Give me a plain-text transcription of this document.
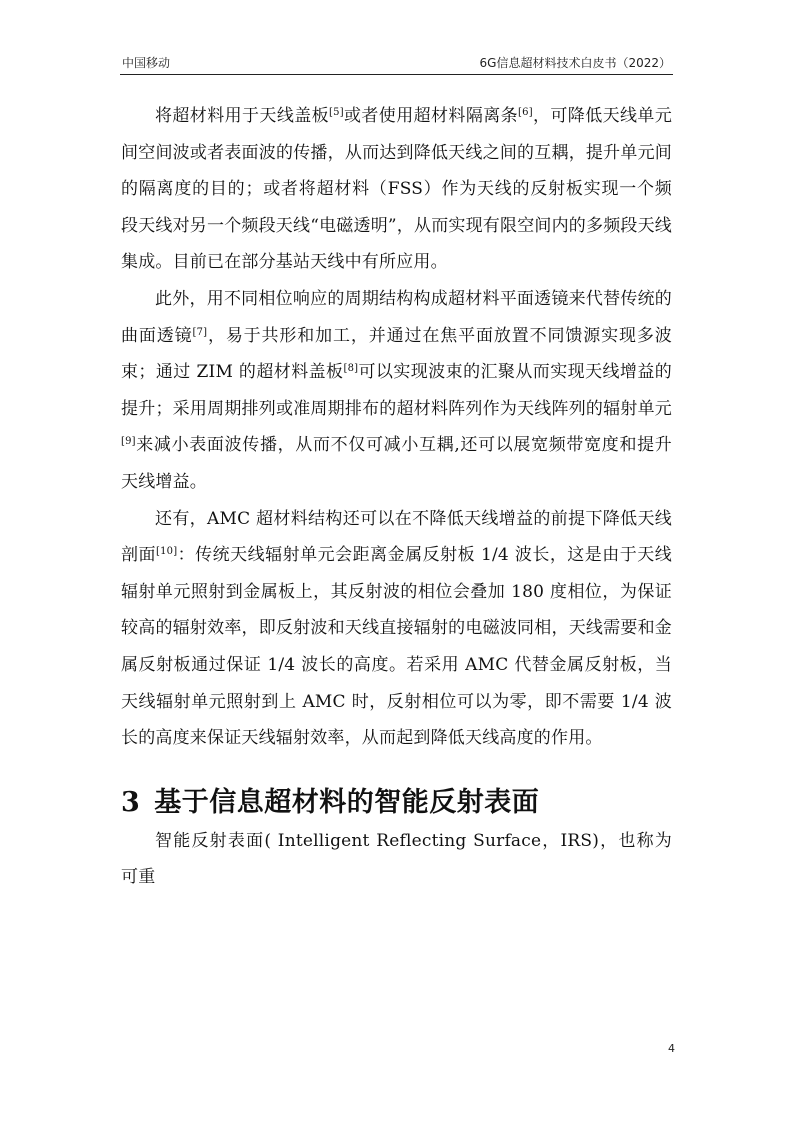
中国移动	6G信息超材料技术白皮书（2022）

将超材料用于天线盖板[5]或者使用超材料隔离条[6]，可降低天线单元间空间波或者表面波的传播，从而达到降低天线之间的互耦，提升单元间的隔离度的目的；或者将超材料（FSS）作为天线的反射板实现一个频段天线对另一个频段天线“电磁透明”，从而实现有限空间内的多频段天线集成。目前已在部分基站天线中有所应用。

此外，用不同相位响应的周期结构构成超材料平面透镜来代替传统的曲面透镜[7]，易于共形和加工，并通过在焦平面放置不同馈源实现多波束；通过 ZIM 的超材料盖板[8]可以实现波束的汇聚从而实现天线增益的提升；采用周期排列或准周期排布的超材料阵列作为天线阵列的辐射单元[9]来减小表面波传播，从而不仅可减小互耦,还可以展宽频带宽度和提升天线增益。

还有，AMC 超材料结构还可以在不降低天线增益的前提下降低天线剖面[10]：传统天线辐射单元会距离金属反射板 1/4 波长，这是由于天线辐射单元照射到金属板上，其反射波的相位会叠加 180 度相位，为保证较高的辐射效率，即反射波和天线直接辐射的电磁波同相，天线需要和金属反射板通过保证 1/4 波长的高度。若采用 AMC 代替金属反射板，当天线辐射单元照射到上 AMC 时，反射相位可以为零，即不需要 1/4 波长的高度来保证天线辐射效率，从而起到降低天线高度的作用。

3 基于信息超材料的智能反射表面

智能反射表面( Intelligent Reflecting Surface，IRS)，也称为可重

4
